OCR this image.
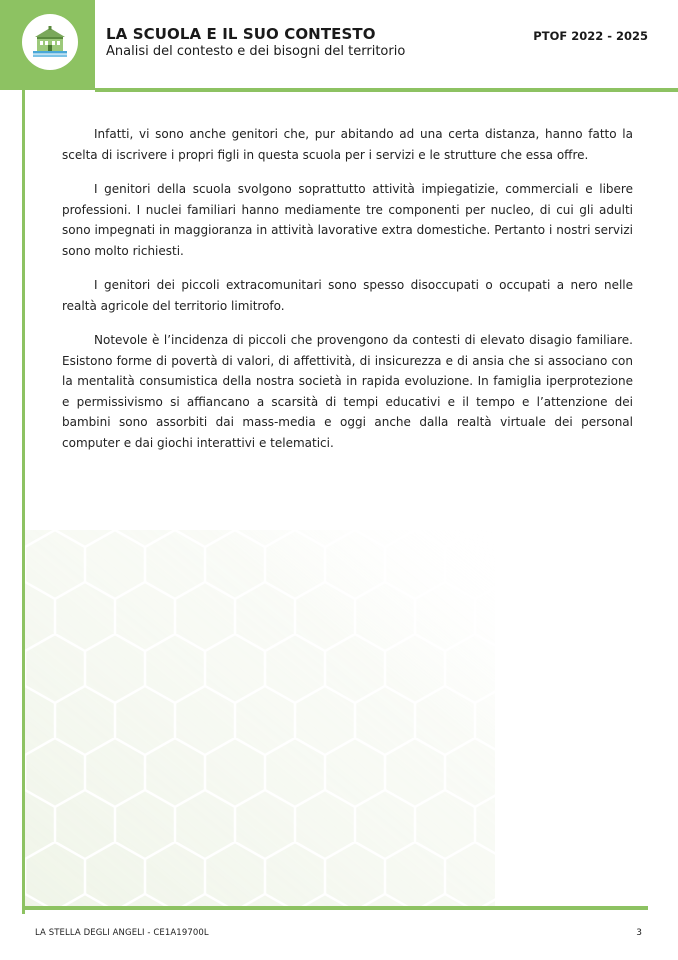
LA SCUOLA E IL SUO CONTESTO
Analisi del contesto e dei bisogni del territorio
PTOF 2022 - 2025

Infatti, vi sono anche genitori che, pur abitando ad una certa distanza, hanno fatto la scelta di iscrivere i propri figli in questa scuola per i servizi e le strutture che essa offre.

I genitori della scuola svolgono soprattutto attività impiegatizie, commerciali e libere professioni. I nuclei familiari hanno mediamente tre componenti per nucleo, di cui gli adulti sono impegnati in maggioranza in attività lavorative extra domestiche. Pertanto i nostri servizi sono molto richiesti.

I genitori dei piccoli extracomunitari sono spesso disoccupati o occupati a nero nelle realtà agricole del territorio limitrofo.

Notevole è l’incidenza di piccoli che provengono da contesti di elevato disagio familiare. Esistono forme di povertà di valori, di affettività, di insicurezza e di ansia che si associano con la mentalità consumistica della nostra società in rapida evoluzione. In famiglia iperprotezione e permissivismo si affiancano a scarsità di tempi educativi e il tempo e l’attenzione dei bambini sono assorbiti dai mass-media e oggi anche dalla realtà virtuale dei personal computer e dai giochi interattivi e telematici.

LA STELLA DEGLI ANGELI - CE1A19700L	3
